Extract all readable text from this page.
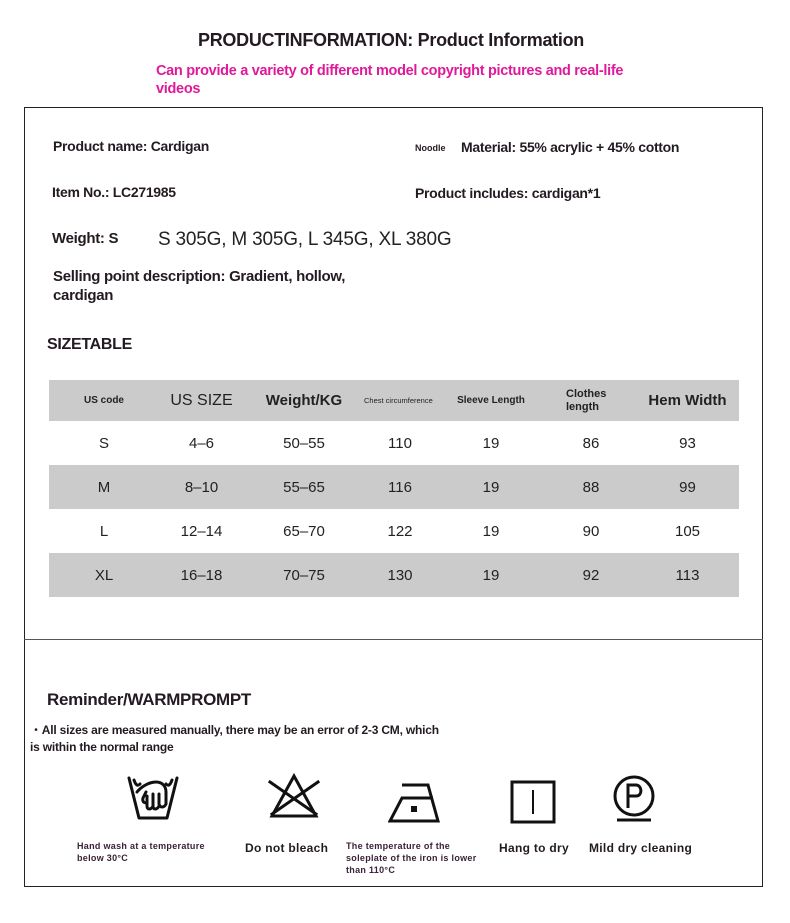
PRODUCTINFORMATION: Product Information
Can provide a variety of different model copyright pictures and real-life videos
Product name: Cardigan	Noodle Material: 55% acrylic + 45% cotton
Item No.: LC271985	Product includes: cardigan*1
Weight: S S 305G, M 305G, L 345G, XL 380G
Selling point description: Gradient, hollow, cardigan
SIZETABLE
US code	US SIZE	Weight/KG	Chest circumference	Sleeve Length	Clothes length	Hem Width
S	4–6	50–55	110	19	86	93
M	8–10	55–65	116	19	88	99
L	12–14	65–70	122	19	90	105
XL	16–18	70–75	130	19	92	113
Reminder/WARMPROMPT
・All sizes are measured manually, there may be an error of 2-3 CM, which is within the normal range
Hand wash at a temperature below 30°C
Do not bleach The temperature of the soleplate of the iron is lower than 110°C
Hang to dry Mild dry cleaning
